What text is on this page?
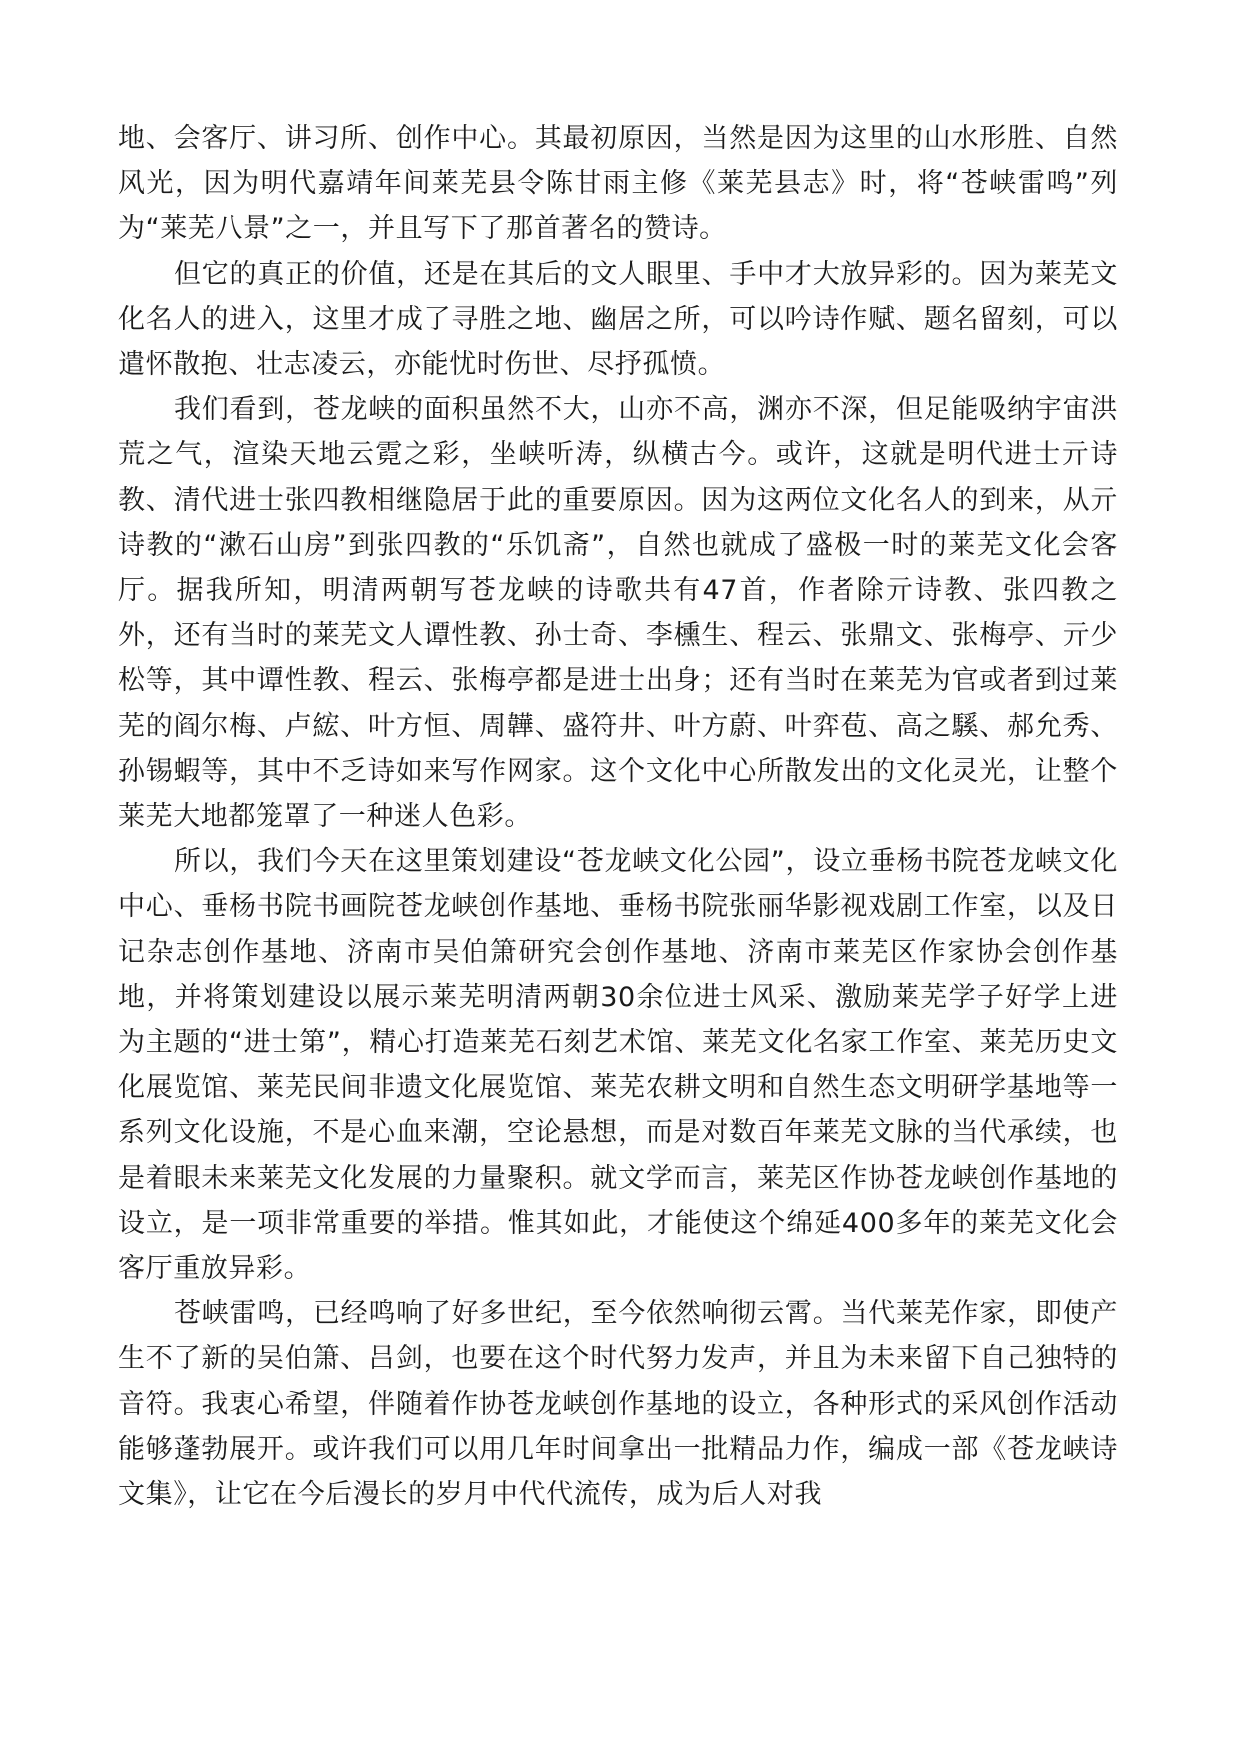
地、会客厅、讲习所、创作中心。其最初原因，当然是因为这里的山水形胜、自然风光，因为明代嘉靖年间莱芜县令陈甘雨主修《莱芜县志》时，将“苍峡雷鸣”列为“莱芜八景”之一，并且写下了那首著名的赞诗。

但它的真正的价值，还是在其后的文人眼里、手中才大放异彩的。因为莱芜文化名人的进入，这里才成了寻胜之地、幽居之所，可以吟诗作赋、题名留刻，可以遣怀散抱、壮志凌云，亦能忧时伤世、尽抒孤愤。

我们看到，苍龙峡的面积虽然不大，山亦不高，渊亦不深，但足能吸纳宇宙洪荒之气，渲染天地云霓之彩，坐峡听涛，纵横古今。或许，这就是明代进士亓诗教、清代进士张四教相继隐居于此的重要原因。因为这两位文化名人的到来，从亓诗教的“漱石山房”到张四教的“乐饥斋”，自然也就成了盛极一时的莱芜文化会客厅。据我所知，明清两朝写苍龙峡的诗歌共有47首，作者除亓诗教、张四教之外，还有当时的莱芜文人谭性教、孙士奇、李櫄生、程云、张鼎文、张梅亭、亓少松等，其中谭性教、程云、张梅亭都是进士出身；还有当时在莱芜为官或者到过莱芜的阎尔梅、卢綋、叶方恒、周韡、盛符井、叶方蔚、叶弈苞、高之騱、郝允秀、孙锡蝦等，其中不乏诗如来写作网家。这个文化中心所散发出的文化灵光，让整个莱芜大地都笼罩了一种迷人色彩。

所以，我们今天在这里策划建设“苍龙峡文化公园”，设立垂杨书院苍龙峡文化中心、垂杨书院书画院苍龙峡创作基地、垂杨书院张丽华影视戏剧工作室，以及日记杂志创作基地、济南市吴伯箫研究会创作基地、济南市莱芜区作家协会创作基地，并将策划建设以展示莱芜明清两朝30余位进士风采、激励莱芜学子好学上进为主题的“进士第”，精心打造莱芜石刻艺术馆、莱芜文化名家工作室、莱芜历史文化展览馆、莱芜民间非遗文化展览馆、莱芜农耕文明和自然生态文明研学基地等一系列文化设施，不是心血来潮，空论悬想，而是对数百年莱芜文脉的当代承续，也是着眼未来莱芜文化发展的力量聚积。就文学而言，莱芜区作协苍龙峡创作基地的设立，是一项非常重要的举措。惟其如此，才能使这个绵延400多年的莱芜文化会客厅重放异彩。

苍峡雷鸣，已经鸣响了好多世纪，至今依然响彻云霄。当代莱芜作家，即使产生不了新的吴伯箫、吕剑，也要在这个时代努力发声，并且为未来留下自己独特的音符。我衷心希望，伴随着作协苍龙峡创作基地的设立，各种形式的采风创作活动能够蓬勃展开。或许我们可以用几年时间拿出一批精品力作，编成一部《苍龙峡诗文集》，让它在今后漫长的岁月中代代流传，成为后人对我
